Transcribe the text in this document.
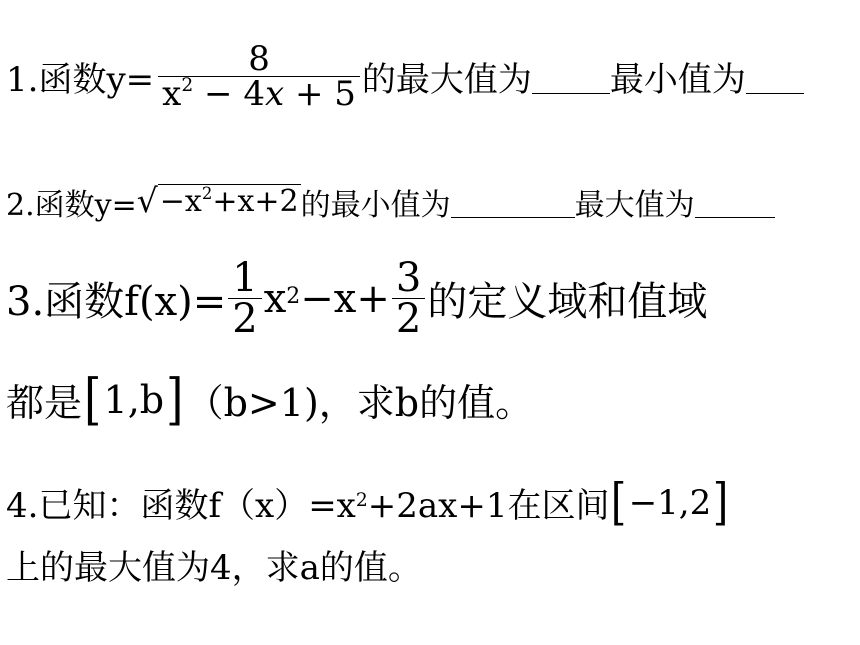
1.函数$y= \frac{8}{x^2 - 4x + 5}$ 的最大值为 最小值为
2.函数y= √ $-x^2+x+2$ 的最小值为	最大值为
3.函数$f(x)= \frac{1}{2}$ x $2 -x+ \frac{3}{2}$ 的定义域和值域
都是 [ 1,b ] （b>1)，求b的值。
4.已知：函数f（x）=x 2 +2ax+1在区间 [ −1,2 ]
上的最大值为4，求a的值。
